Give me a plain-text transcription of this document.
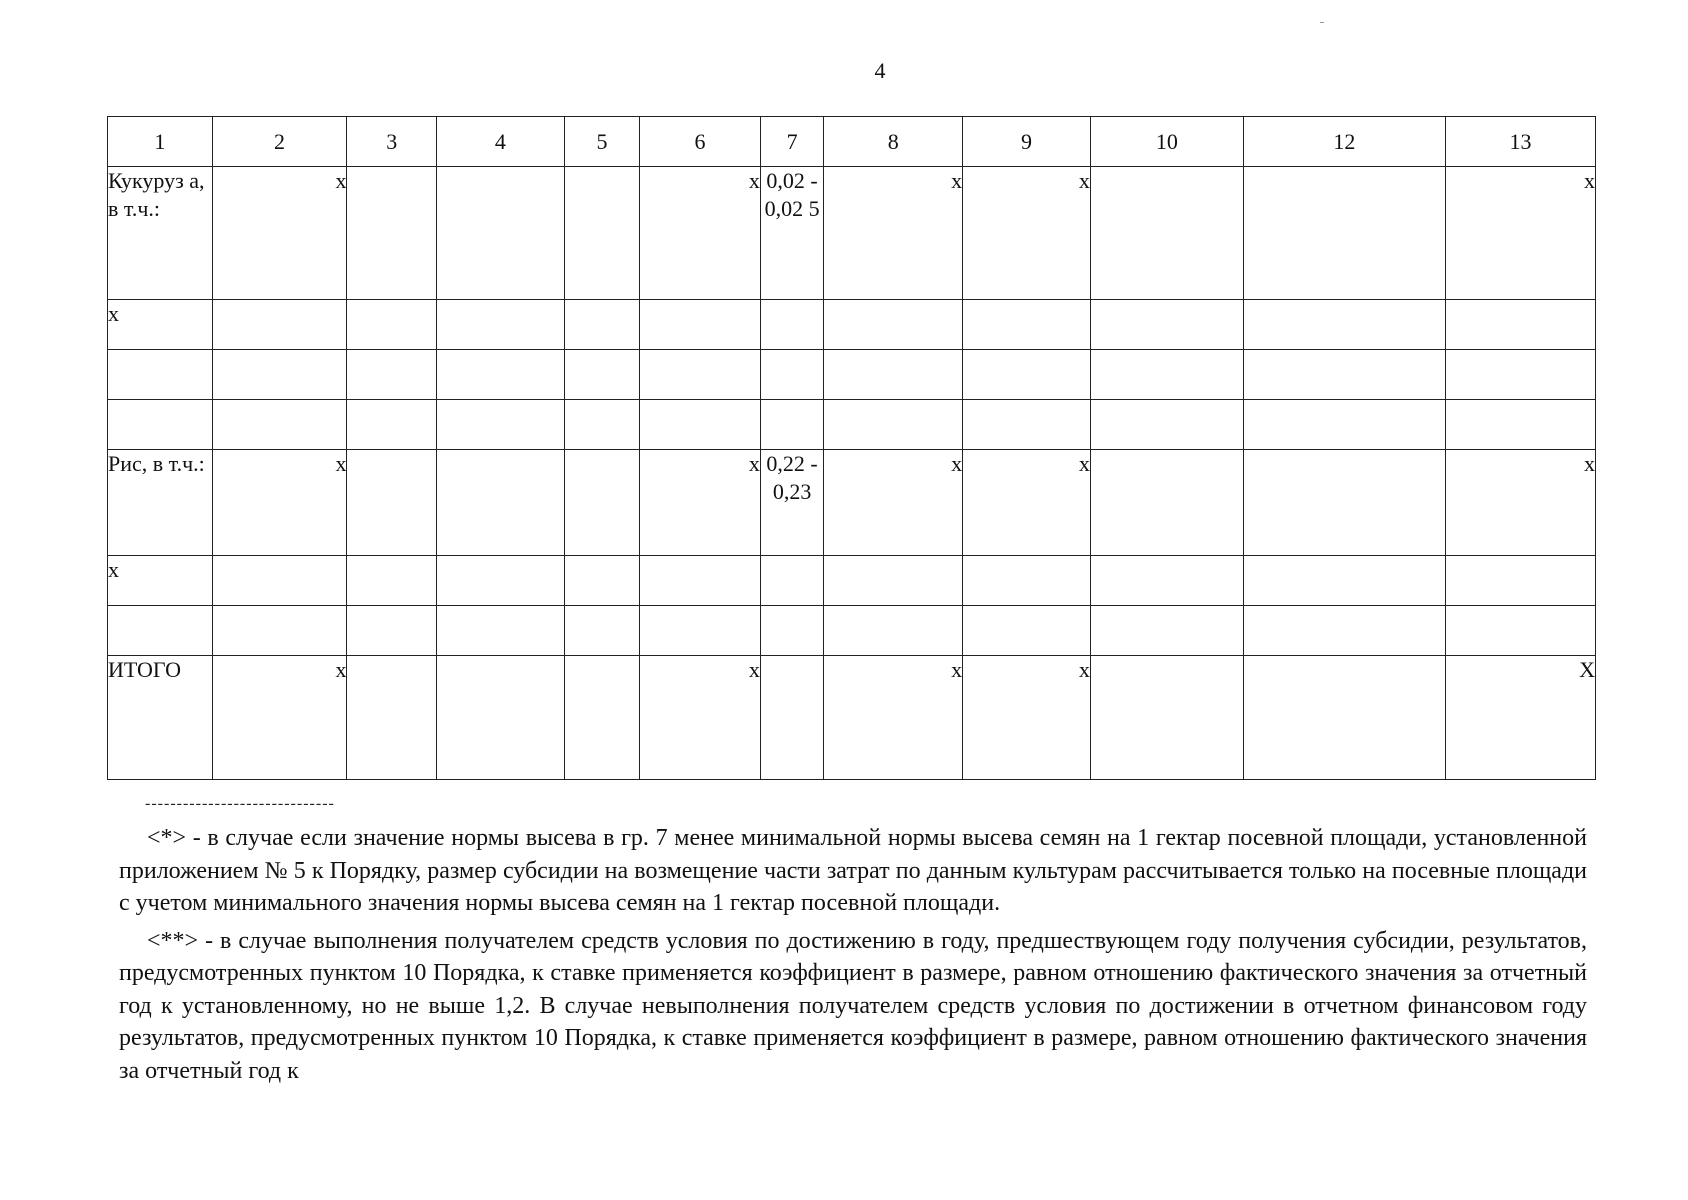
4
1	2	3	4	5	6	7	8	9	10	12	13
Кукуруз а, в т.ч.:	x				x	0,02 - 0,02 5	x	x			x
х											

Рис, в т.ч.:	x				x	0,22 - 0,23	x	x			x
х											

ИТОГО	x				x		x	x			Х
------------------------------

<*> - в случае если значение нормы высева в гр. 7 менее минимальной нормы высева семян на 1 гектар посевной площади, установленной приложением № 5 к Порядку, размер субсидии на возмещение части затрат по данным культурам рассчитывается только на посевные площади с учетом минимального значения нормы высева семян на 1 гектар посевной площади.

<**> - в случае выполнения получателем средств условия по достижению в году, предшествующем году получения субсидии, результатов, предусмотренных пунктом 10 Порядка, к ставке применяется коэффициент в размере, равном отношению фактического значения за отчетный год к установленному, но не выше 1,2. В случае невыполнения получателем средств условия по достижении в отчетном финансовом году результатов, предусмотренных пунктом 10 Порядка, к ставке применяется коэффициент в размере, равном отношению фактического значения за отчетный год к
